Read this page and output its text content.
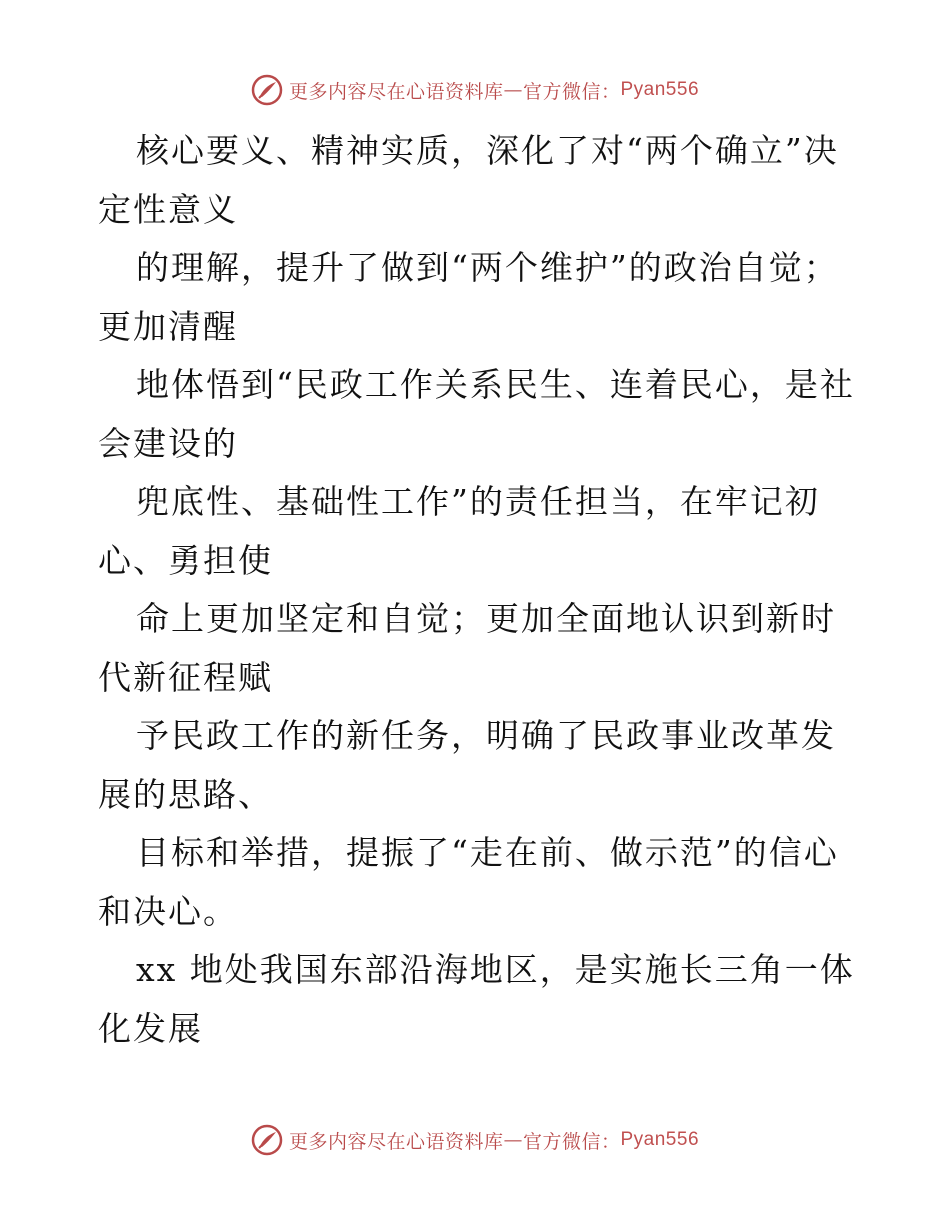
更多内容尽在心语资料库 — 官方微信： Pyan556

核心要义、精神实质，深化了对“两个确立”决定性意义

的理解，提升了做到“两个维护”的政治自觉；更加清醒

地体悟到“民政工作关系民生、连着民心，是社会建设的

兜底性、基础性工作”的责任担当，在牢记初心、勇担使

命上更加坚定和自觉；更加全面地认识到新时代新征程赋

予民政工作的新任务，明确了民政事业改革发展的思路、

目标和举措，提振了“走在前、做示范”的信心和决心。

xx 地处我国东部沿海地区，是实施长三角一体化发展

更多内容尽在心语资料库 — 官方微信： Pyan556
